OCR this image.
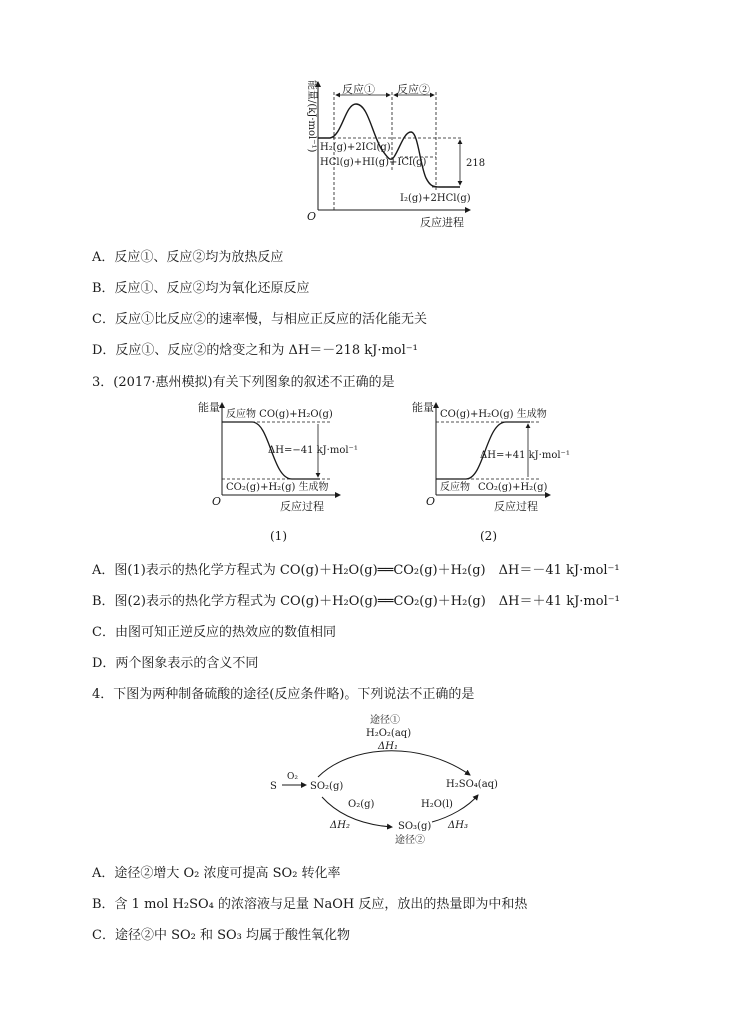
能量/(kJ·mol⁻¹) 反应① 反应②
218
H₂(g)+2ICl(g)
HCl(g)+HI(g)+ICl(g)
I₂(g)+2HCl(g)
O	反应进程
A．反应①、反应②均为放热反应
B．反应①、反应②均为氧化还原反应
C．反应①比反应②的速率慢，与相应正反应的活化能无关
D．反应①、反应②的焓变之和为 ΔH＝－218 kJ·mol⁻¹
3．(2017·惠州模拟)有关下列图象的叙述不正确的是
能量
反应物 CO(g)+H₂O(g)
CO₂(g)+H₂(g) 生成物
ΔH=−41 kJ·mol⁻¹
O	反应过程
(1)
能量
CO(g)+H₂O(g) 生成物
反应物 CO₂(g)+H₂(g)
ΔH=+41 kJ·mol⁻¹
O	反应过程
(2)
A．图(1)表示的热化学方程式为 CO(g)＋H₂O(g)══CO₂(g)＋H₂(g)　ΔH＝－41 kJ·mol⁻¹
B．图(2)表示的热化学方程式为 CO(g)＋H₂O(g)══CO₂(g)＋H₂(g)　ΔH＝＋41 kJ·mol⁻¹
C．由图可知正逆反应的热效应的数值相同
D．两个图象表示的含义不同
4．下图为两种制备硫酸的途径(反应条件略)。下列说法不正确的是
途径①
H₂O₂(aq)
ΔH₁
S
O₂
SO₂(g)	H₂SO₄(aq)
O₂(g)	H₂O(l)
ΔH₂	SO₃(g) ΔH₃
途径②
A．途径②增大 O₂ 浓度可提高 SO₂ 转化率
B．含 1 mol H₂SO₄ 的浓溶液与足量 NaOH 反应，放出的热量即为中和热
C．途径②中 SO₂ 和 SO₃ 均属于酸性氧化物
